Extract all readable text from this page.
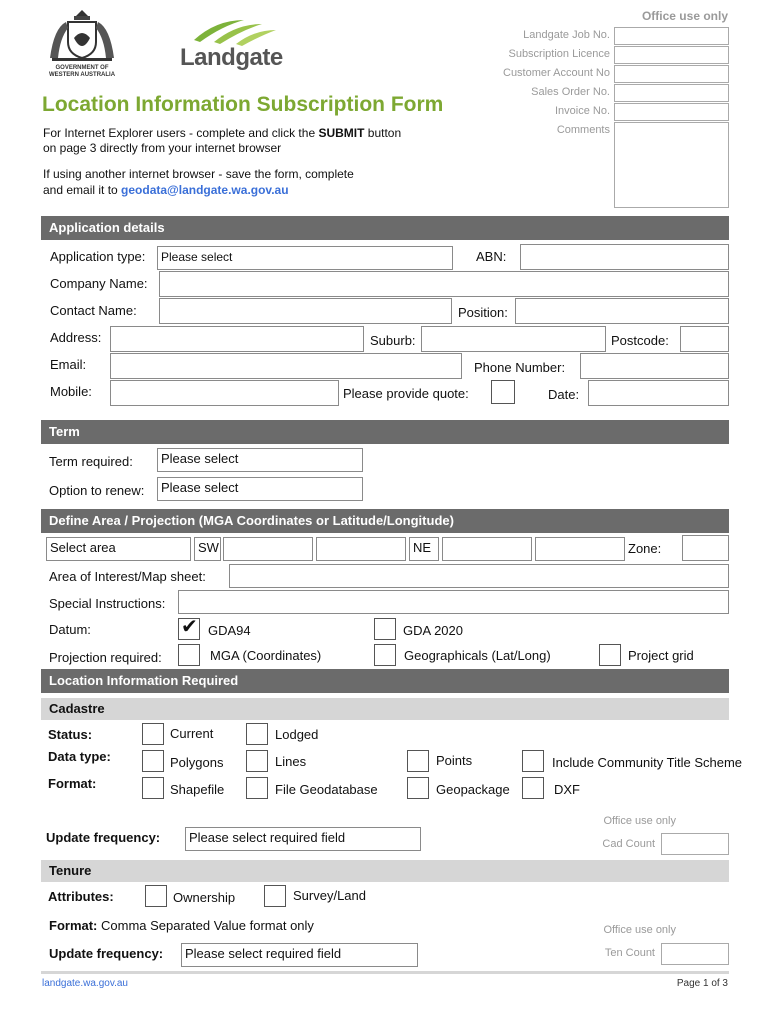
GOVERNMENT OF
WESTERN AUSTRALIA
Landgate
Location Information Subscription Form
For Internet Explorer users - complete and click the SUBMIT button
on page 3 directly from your internet browser
If using another internet browser - save the form, complete
and email it to geodata@landgate.wa.gov.au
Office use only
Landgate Job No.
Subscription Licence
Customer Account No
Sales Order No.
Invoice No.
Comments
Application details
Application type: Please select	ABN:
Company Name:
Contact Name:	Position:
Address:	Suburb:	Postcode:
Email:	Phone Number:
Mobile:	Please provide quote:	Date:
Term
Term required: Please select
Option to renew: Please select
Define Area / Projection (MGA Coordinates or Latitude/Longitude)
Select area	SW	NE	Zone:
Area of Interest/Map sheet:
Special Instructions:
Datum:	✔ GDA94	GDA 2020
Projection required:	MGA (Coordinates)	Geographicals (Lat/Long)	Project grid
Location Information Required
Cadastre
Status:	Current	Lodged
Data type:	Polygons	Lines	Points	Include Community Title Scheme
Format:	Shapefile	File Geodatabase	Geopackage	DXF
Office use only
Cad Count
Update frequency: Please select required field
Tenure
Attributes:	Ownership	Survey/Land
Format: Comma Separated Value format only	Office use only
Ten Count
Update frequency: Please select required field
landgate.wa.gov.au	Page 1 of 3
